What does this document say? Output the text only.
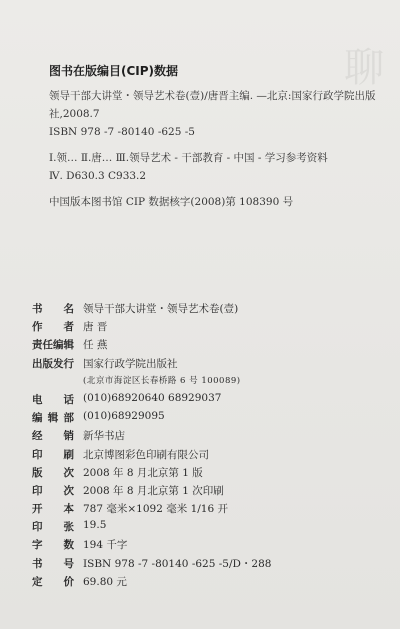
聊
图书在版编目(CIP)数据
领导干部大讲堂・领导艺术卷(壹)/唐晋主编. —北京:国家行政学院出版
社,2008.7
ISBN 978 -7 -80140 -625 -5
Ⅰ.领… Ⅱ.唐… Ⅲ.领导艺术 - 干部教育 - 中国 - 学习参考资料
Ⅳ. D630.3 C933.2
中国版本图书馆 CIP 数据核字(2008)第 108390 号
书 名 领导干部大讲堂・领导艺术卷(壹)
作 者 唐 晋
责任编辑 任 燕
出版发行 国家行政学院出版社
(北京市海淀区长春桥路 6 号 100089)
电 话 (010)68920640 68929037
编 辑 部 (010)68929095
经 销 新华书店
印 刷 北京博图彩色印刷有限公司
版 次 2008 年 8 月北京第 1 版
印 次 2008 年 8 月北京第 1 次印刷
开 本 787 毫米×1092 毫米 1/16 开
印 张 19.5
字 数 194 千字
书 号 ISBN 978 -7 -80140 -625 -5/D・288
定 价 69.80 元
